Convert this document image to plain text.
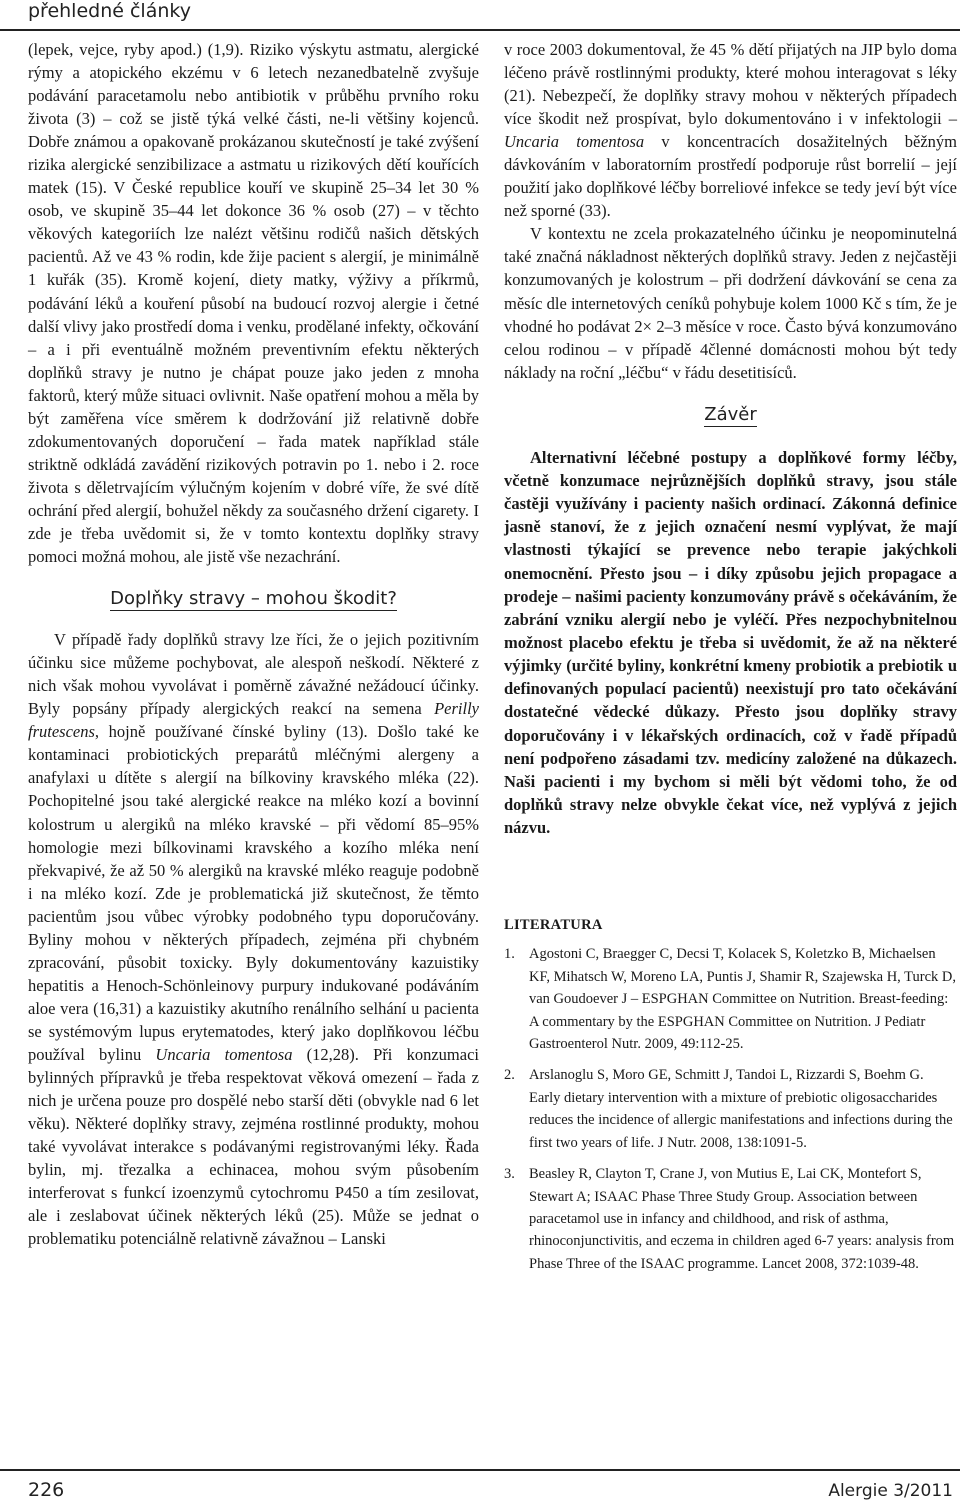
přehledné články

(lepek, vejce, ryby apod.) (1,9). Riziko výskytu astmatu, alergické rýmy a atopického ekzému v 6 letech nezanedbatelně zvyšuje podávání paracetamolu nebo antibiotik v průběhu prvního roku života (3) – což se jistě týká velké části, ne-li většiny kojenců. Dobře známou a opakovaně prokázanou skutečností je také zvýšení rizika alergické senzibilizace a astmatu u rizikových dětí kouřících matek (15). V České republice kouří ve skupině 25–34 let 30 % osob, ve skupině 35–44 let dokonce 36 % osob (27) – v těchto věkových kategoriích lze nalézt většinu rodičů našich dětských pacientů. Až ve 43 % rodin, kde žije pacient s alergií, je minimálně 1 kuřák (35). Kromě kojení, diety matky, výživy a příkrmů, podávání léků a kouření působí na budoucí rozvoj alergie i četné další vlivy jako prostředí doma i venku, prodělané infekty, očkování – a i při eventuálně možném preventivním efektu některých doplňků stravy je nutno je chápat pouze jako jeden z mnoha faktorů, který může situaci ovlivnit. Naše opatření mohou a měla by být zaměřena více směrem k dodržování již relativně dobře zdokumentovaných doporučení – řada matek například stále striktně odkládá zavádění rizikových potravin po 1. nebo i 2. roce života s děletrvajícím výlučným kojením v dobré víře, že své dítě ochrání před alergií, bohužel někdy za současného držení cigarety. I zde je třeba uvědomit si, že v tomto kontextu doplňky stravy pomoci možná mohou, ale jistě vše nezachrání.

Doplňky stravy – mohou škodit?

V případě řady doplňků stravy lze říci, že o jejich pozitivním účinku sice můžeme pochybovat, ale alespoň neškodí. Některé z nich však mohou vyvolávat i poměrně závažné nežádoucí účinky. Byly popsány případy alergických reakcí na semena Perilly frutescens, hojně používané čínské byliny (13). Došlo také ke kontaminaci probiotických preparátů mléčnými alergeny a anafylaxi u dítěte s alergií na bílkoviny kravského mléka (22). Pochopitelné jsou také alergické reakce na mléko kozí a bovinní kolostrum u alergiků na mléko kravské – při vědomí 85–95% homologie mezi bílkovinami kravského a kozího mléka není překvapivé, že až 50 % alergiků na kravské mléko reaguje podobně i na mléko kozí. Zde je problematická již skutečnost, že těmto pacientům jsou vůbec výrobky podobného typu doporučovány. Byliny mohou v některých případech, zejména při chybném zpracování, působit toxicky. Byly dokumentovány kazuistiky hepatitis a Henoch-Schönleinovy purpury indukované podáváním aloe vera (16,31) a kazuistiky akutního renálního selhání u pacienta se systémovým lupus erytematodes, který jako doplňkovou léčbu používal bylinu Uncaria tomentosa (12,28). Při konzumaci bylinných přípravků je třeba respektovat věková omezení – řada z nich je určena pouze pro dospělé nebo starší děti (obvykle nad 6 let věku). Některé doplňky stravy, zejména rostlinné produkty, mohou také vyvolávat interakce s podávanými registrovanými léky. Řada bylin, mj. třezalka a echinacea, mohou svým působením interferovat s funkcí izoenzymů cytochromu P450 a tím zesilovat, ale i zeslabovat účinek některých léků (25). Může se jednat o problematiku potenciálně relativně závažnou – Lanski

v roce 2003 dokumentoval, že 45 % dětí přijatých na JIP bylo doma léčeno právě rostlinnými produkty, které mohou interagovat s léky (21). Nebezpečí, že doplňky stravy mohou v některých případech více škodit než prospívat, bylo dokumentováno i v infektologii – Uncaria tomentosa v koncentracích dosažitelných běžným dávkováním v laboratorním prostředí podporuje růst borrelií – její použití jako doplňkové léčby borreliové infekce se tedy jeví být více než sporné (33).

V kontextu ne zcela prokazatelného účinku je neopominutelná také značná nákladnost některých doplňků stravy. Jeden z nejčastěji konzumovaných je kolostrum – při dodržení dávkování se cena za měsíc dle internetových ceníků pohybuje kolem 1000 Kč s tím, že je vhodné ho podávat 2× 2–3 měsíce v roce. Často bývá konzumováno celou rodinou – v případě 4členné domácnosti mohou být tedy náklady na roční „léčbu“ v řádu desetitisíců.

Závěr

Alternativní léčebné postupy a doplňkové formy léčby, včetně konzumace nejrůznějších doplňků stravy, jsou stále častěji využívány i pacienty našich ordinací. Zákonná definice jasně stanoví, že z jejich označení nesmí vyplývat, že mají vlastnosti týkající se prevence nebo terapie jakýchkoli onemocnění. Přesto jsou – i díky způsobu jejich propagace a prodeje – našimi pacienty konzumovány právě s očekáváním, že zabrání vzniku alergií nebo je vyléčí. Přes nezpochybnitelnou možnost placebo efektu je třeba si uvědomit, že až na některé výjimky (určité byliny, konkrétní kmeny probiotik a prebiotik u definovaných populací pacientů) neexistují pro tato očekávání dostatečné vědecké důkazy. Přesto jsou doplňky stravy doporučovány i v lékařských ordinacích, což v řadě případů není podpořeno zásadami tzv. medicíny založené na důkazech. Naši pacienti i my bychom si měli být vědomi toho, že od doplňků stravy nelze obvykle čekat více, než vyplývá z jejich názvu.

LITERATURA

1. Agostoni C, Braegger C, Decsi T, Kolacek S, Koletzko B, Michaelsen KF, Mihatsch W, Moreno LA, Puntis J, Shamir R, Szajewska H, Turck D, van Goudoever J – ESPGHAN Committee on Nutrition. Breast-feeding: A commentary by the ESPGHAN Committee on Nutrition. J Pediatr Gastroenterol Nutr. 2009, 49:112-25.
2. Arslanoglu S, Moro GE, Schmitt J, Tandoi L, Rizzardi S, Boehm G. Early dietary intervention with a mixture of prebiotic oligosaccharides reduces the incidence of allergic manifestations and infections during the first two years of life. J Nutr. 2008, 138:1091-5.
3. Beasley R, Clayton T, Crane J, von Mutius E, Lai CK, Montefort S, Stewart A; ISAAC Phase Three Study Group. Association between paracetamol use in infancy and childhood, and risk of asthma, rhinoconjunctivitis, and eczema in children aged 6-7 years: analysis from Phase Three of the ISAAC programme. Lancet 2008, 372:1039-48.
226	Alergie 3/2011
